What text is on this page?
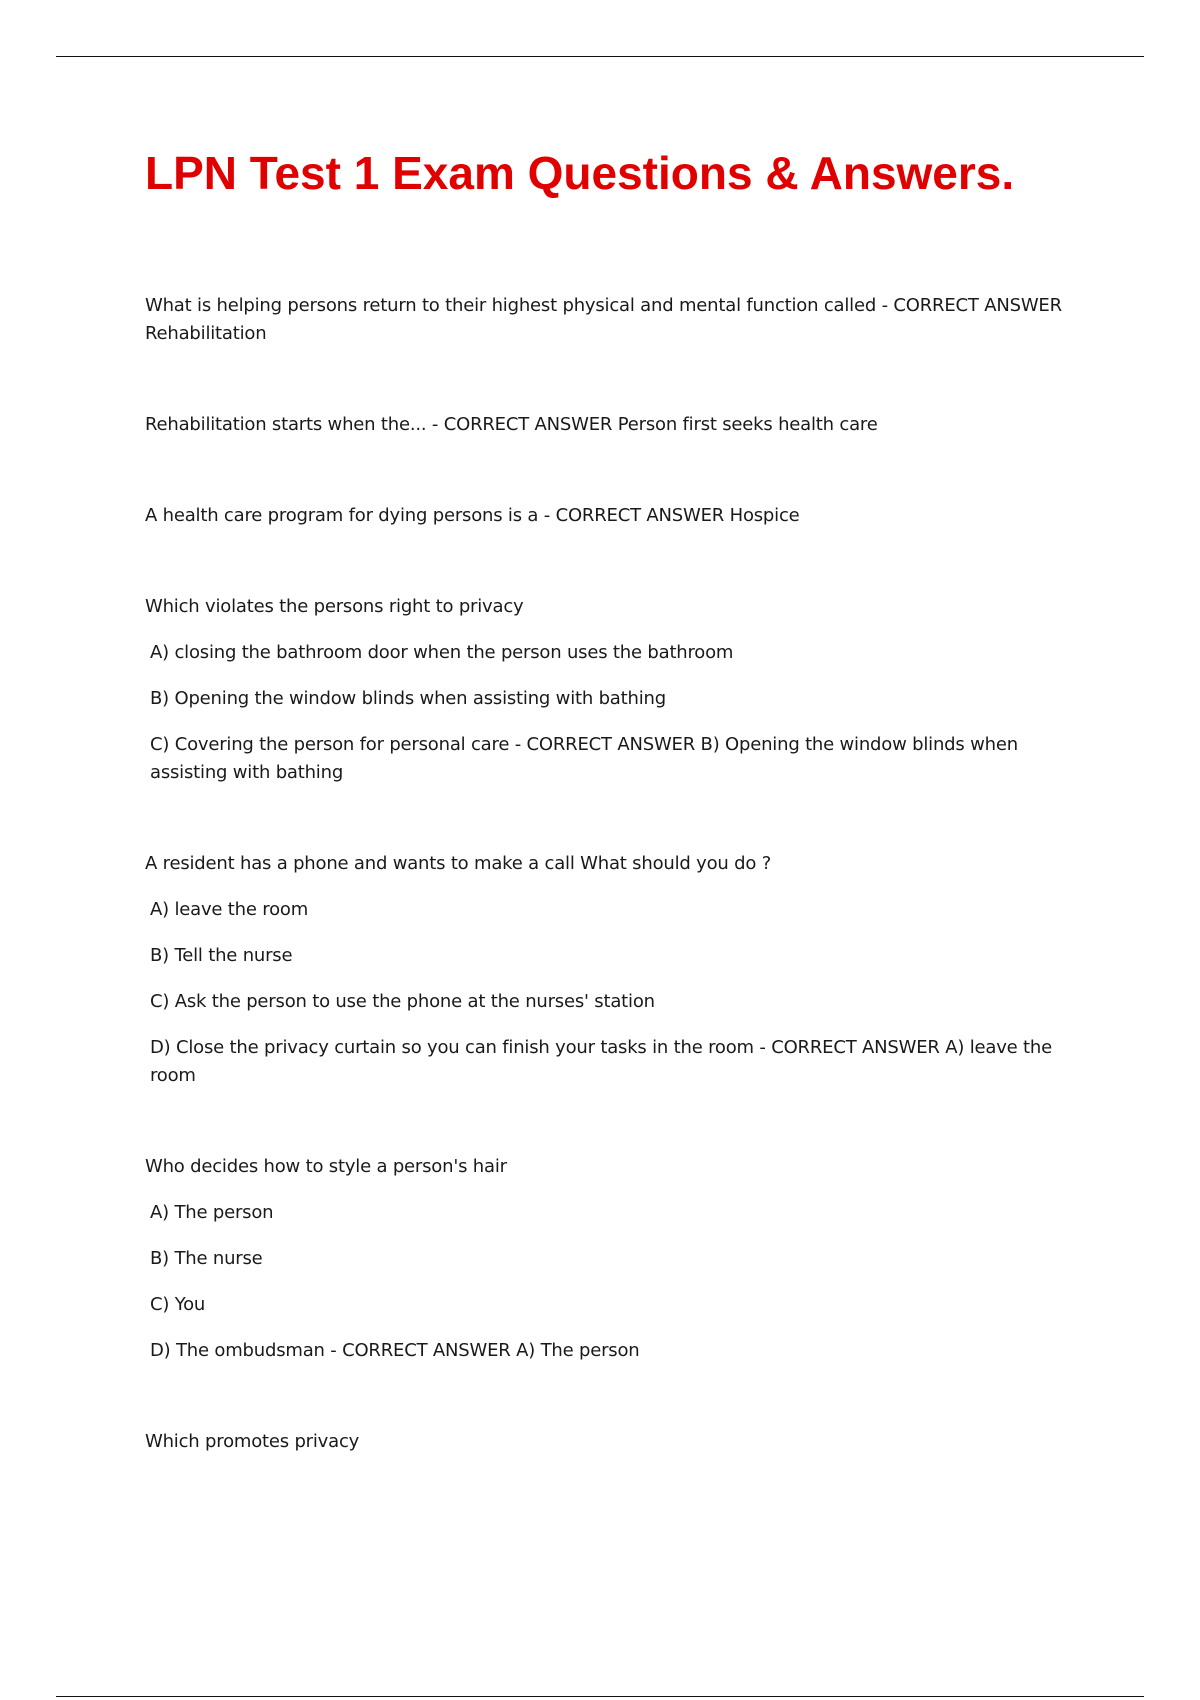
LPN Test 1 Exam Questions & Answers.

What is helping persons return to their highest physical and mental function called - CORRECT ANSWER Rehabilitation

Rehabilitation starts when the... - CORRECT ANSWER Person first seeks health care

A health care program for dying persons is a - CORRECT ANSWER Hospice

Which violates the persons right to privacy

A) closing the bathroom door when the person uses the bathroom

B) Opening the window blinds when assisting with bathing

C) Covering the person for personal care - CORRECT ANSWER B) Opening the window blinds when assisting with bathing

A resident has a phone and wants to make a call What should you do ?

A) leave the room

B) Tell the nurse

C) Ask the person to use the phone at the nurses' station

D) Close the privacy curtain so you can finish your tasks in the room - CORRECT ANSWER A) leave the room

Who decides how to style a person's hair

A) The person

B) The nurse

C) You

D) The ombudsman - CORRECT ANSWER A) The person

Which promotes privacy
